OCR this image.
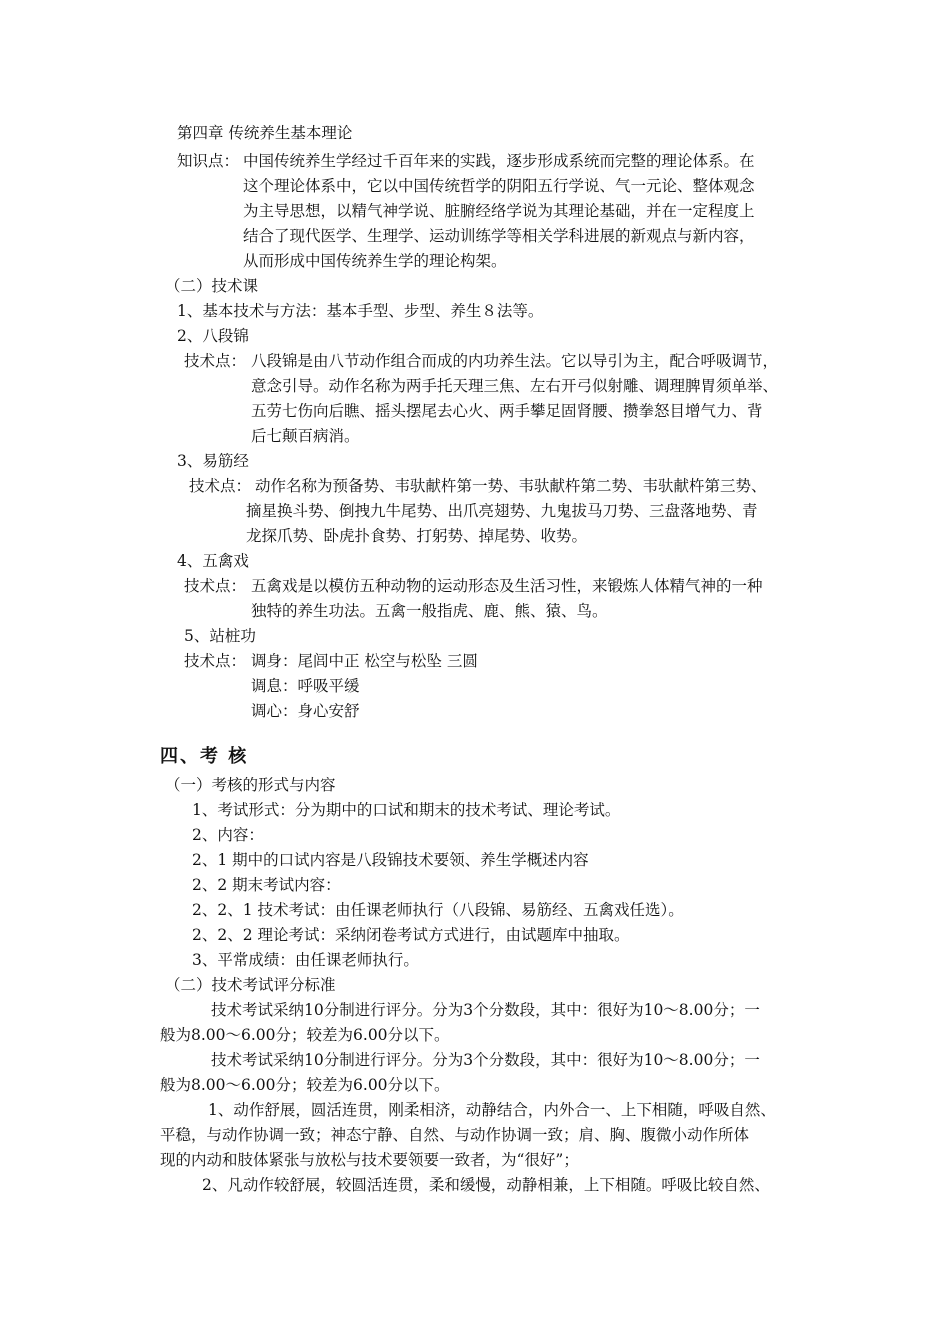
第四章 传统养生基本理论
知识点： 中国传统养生学经过千百年来的实践，逐步形成系统而完整的理论体系。在
这个理论体系中，它以中国传统哲学的阴阳五行学说、气一元论、整体观念
为主导思想，以精气神学说、脏腑经络学说为其理论基础，并在一定程度上
结合了现代医学、生理学、运动训练学等相关学科进展的新观点与新内容，
从而形成中国传统养生学的理论构架。
（二）技术课
1、基本技术与方法：基本手型、步型、养生８法等。
2、八段锦
技术点： 八段锦是由八节动作组合而成的内功养生法。它以导引为主，配合呼吸调节，
意念引导。动作名称为两手托天理三焦、左右开弓似射雕、调理脾胃须单举、
五劳七伤向后瞧、摇头摆尾去心火、两手攀足固肾腰、攒拳怒目增气力、背
后七颠百病消。
3、易筋经
技术点： 动作名称为预备势、韦驮献杵第一势、韦驮献杵第二势、韦驮献杵第三势、
摘星换斗势、倒拽九牛尾势、出爪亮翅势、九鬼拔马刀势、三盘落地势、青
龙探爪势、卧虎扑食势、打躬势、掉尾势、收势。
4、五禽戏
技术点： 五禽戏是以模仿五种动物的运动形态及生活习性，来锻炼人体精气神的一种
独特的养生功法。五禽一般指虎、鹿、熊、猿、鸟。
5、站桩功
技术点： 调身：尾闾中正 松空与松坠 三圆
调息：呼吸平缓
调心：身心安舒
四、考 核
（一）考核的形式与内容
1、考试形式：分为期中的口试和期末的技术考试、理论考试。
2、内容：
2、1 期中的口试内容是八段锦技术要领、养生学概述内容
2、2 期末考试内容：
2、2、1 技术考试：由任课老师执行（八段锦、易筋经、五禽戏任选）。
2、2、2 理论考试：采纳闭卷考试方式进行，由试题库中抽取。
3、平常成绩：由任课老师执行。
（二）技术考试评分标准
技术考试采纳10分制进行评分。分为3个分数段，其中：很好为10～8.00分；一
般为8.00～6.00分；较差为6.00分以下。
技术考试采纳10分制进行评分。分为3个分数段，其中：很好为10～8.00分；一
般为8.00～6.00分；较差为6.00分以下。
1、动作舒展，圆活连贯，刚柔相济，动静结合，内外合一、上下相随，呼吸自然、
平稳，与动作协调一致；神态宁静、自然、与动作协调一致；肩、胸、腹微小动作所体
现的内动和肢体紧张与放松与技术要领要一致者，为“很好”；
2、凡动作较舒展，较圆活连贯，柔和缓慢，动静相兼，上下相随。呼吸比较自然、
